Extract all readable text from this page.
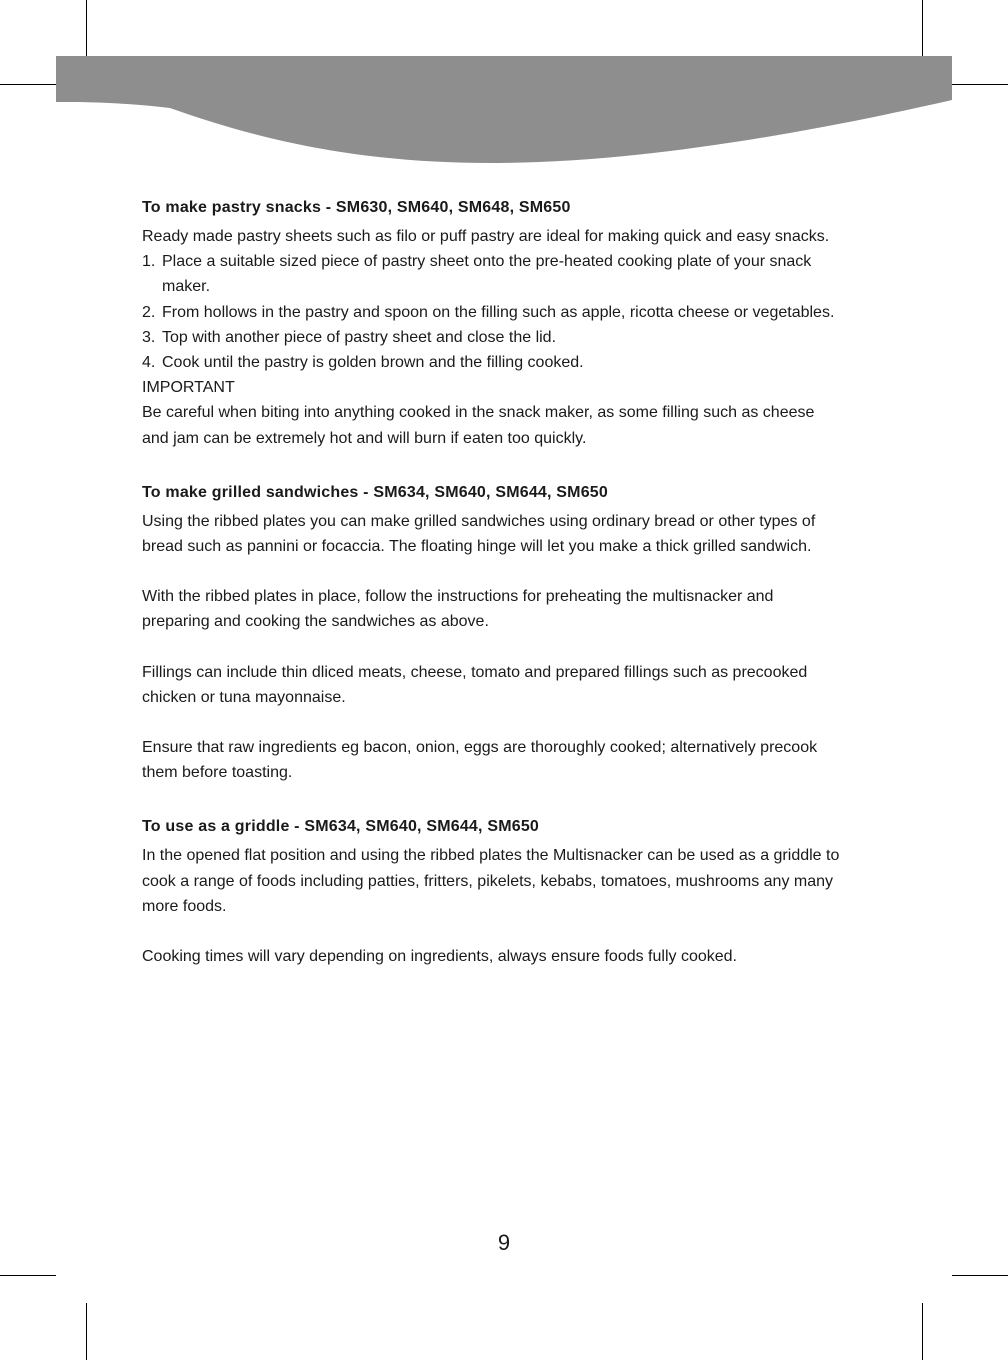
To make pastry snacks - SM630, SM640, SM648, SM650

Ready made pastry sheets such as filo or puff pastry are ideal for making quick and easy snacks.

1. Place a suitable sized piece of pastry sheet onto the pre-heated cooking plate of your snack maker.
2. From hollows in the pastry and spoon on the filling such as apple, ricotta cheese or vegetables.
3. Top with another piece of pastry sheet and close the lid.
4. Cook until the pastry is golden brown and the filling cooked.

IMPORTANT

Be careful when biting into anything cooked in the snack maker, as some filling such as cheese and jam can be extremely hot and will burn if eaten too quickly.

To make grilled sandwiches - SM634, SM640, SM644, SM650

Using the ribbed plates you can make grilled sandwiches using ordinary bread or other types of bread such as pannini or focaccia. The floating hinge will let you make a thick grilled sandwich.

With the ribbed plates in place, follow the instructions for preheating the multisnacker and preparing and cooking the sandwiches as above.

Fillings can include thin dliced meats, cheese, tomato and prepared fillings such as precooked chicken or tuna mayonnaise.

Ensure that raw ingredients eg bacon, onion, eggs are thoroughly cooked; alternatively precook them before toasting.

To use as a griddle - SM634, SM640, SM644, SM650

In the opened flat position and using the ribbed plates the Multisnacker can be used as a griddle to cook a range of foods including patties, fritters, pikelets, kebabs, tomatoes, mushrooms any many more foods.

Cooking times will vary depending on ingredients, always ensure foods fully cooked.

9
